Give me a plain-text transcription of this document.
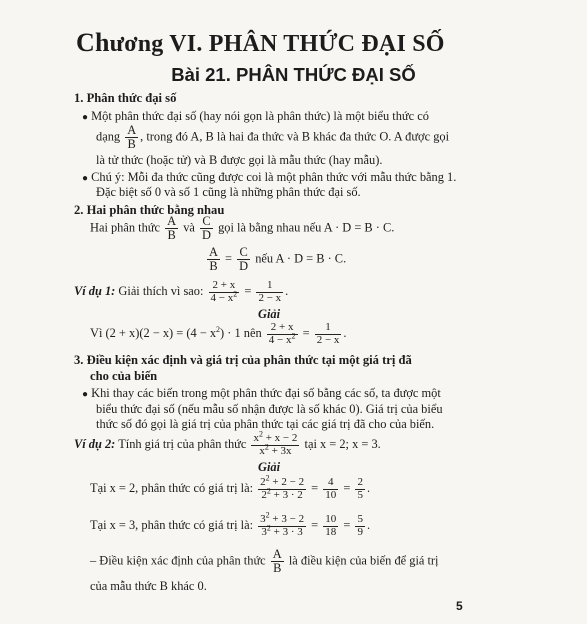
Chương VI. PHÂN THỨC ĐẠI SỐ
Bài 21. PHÂN THỨC ĐẠI SỐ
1. Phân thức đại số
● Một phân thức đại số (hay nói gọn là phân thức) là một biểu thức có
dạng $\frac{A}{B}$ , trong đó A, B là hai đa thức và B khác đa thức O. A được gọi
là tử thức (hoặc tử) và B được gọi là mẫu thức (hay mẫu).
● Chú ý: Mỗi đa thức cũng được coi là một phân thức với mẫu thức bằng 1.
Đặc biệt số 0 và số 1 cũng là những phân thức đại số.
2. Hai phân thức bằng nhau
Hai phân thức $\frac{A}{B}$ và $\frac{C}{D}$ gọi là bằng nhau nếu A · D = B · C.
$\frac{A}{B} = \frac{C}{D}$ nếu A · D = B · C.
Ví dụ 1: Giải thích vì sao: $\frac{2 + x}{4 - x^2} = \frac{1}{2 - x}$ .
Giải
Vì $(2 + x)(2 - x) = (4 - x^2) \cdot 1$ nên $\frac{2 + x}{4 - x^2} = \frac{1}{2 - x}$ .
3. Điều kiện xác định và giá trị của phân thức tại một giá trị đã
cho của biến
● Khi thay các biến trong một phân thức đại số bằng các số, ta được một
biểu thức đại số (nếu mẫu số nhận được là số khác 0). Giá trị của biểu
thức số đó gọi là giá trị của phân thức tại các giá trị đã cho của biến.
Ví dụ 2: Tính giá trị của phân thức $\frac{x^2 + x - 2}{x^2 + 3x}$ tại x = 2; x = 3.
Giải
Tại x = 2, phân thức có giá trị là: $\frac{2^2 + 2 - 2}{2^2 + 3 \cdot 2} = \frac{4}{10} = \frac{2}{5}$ .
Tại x = 3, phân thức có giá trị là: $\frac{3^2 + 3 - 2}{3^2 + 3 \cdot 3} = \frac{10}{18} = \frac{5}{9}$ .
– Điều kiện xác định của phân thức $\frac{A}{B}$ là điều kiện của biến để giá trị
của mẫu thức B khác 0.
5
